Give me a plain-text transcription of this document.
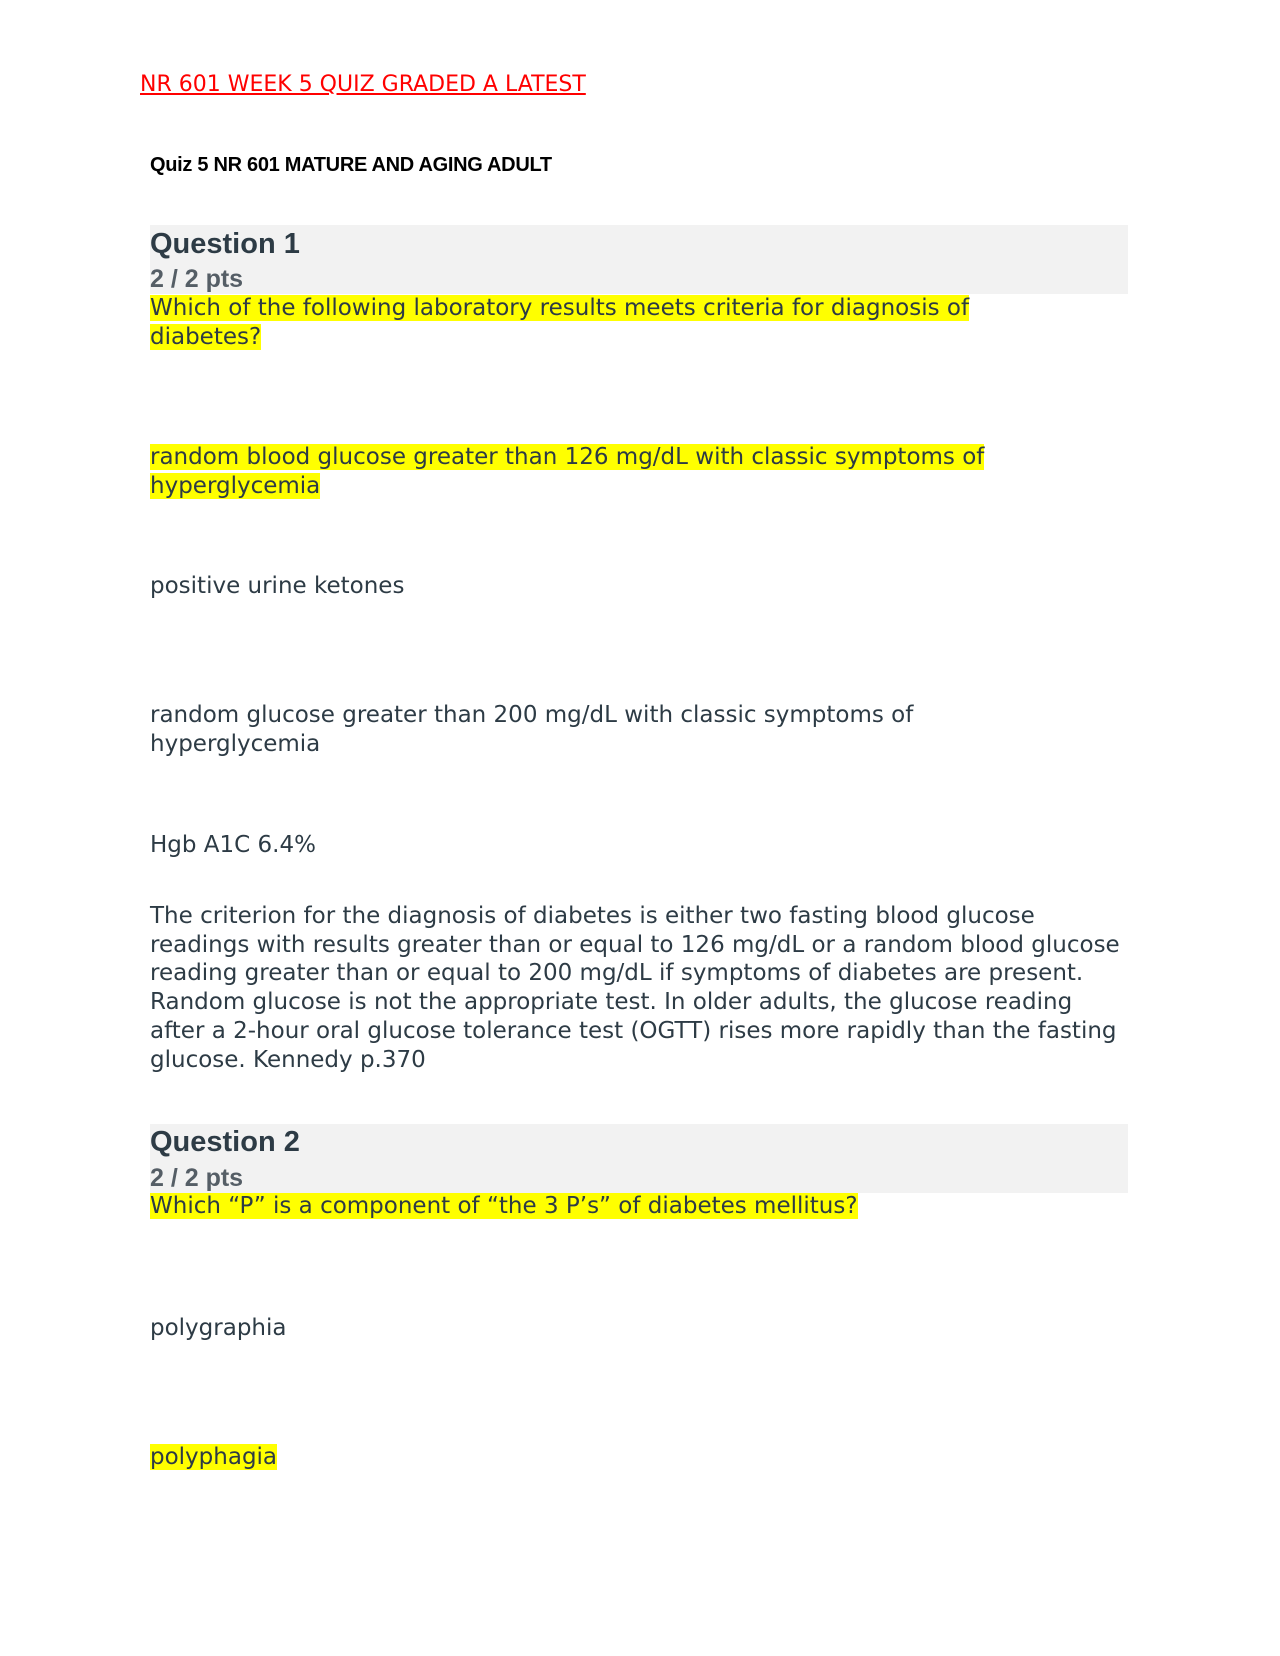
NR 601 WEEK 5 QUIZ GRADED A LATEST
Quiz 5 NR 601 MATURE AND AGING ADULT
Question 1
2 / 2 pts
Which of the following laboratory results meets criteria for diagnosis of diabetes?
random blood glucose greater than 126 mg/dL with classic symptoms of hyperglycemia
positive urine ketones
random glucose greater than 200 mg/dL with classic symptoms of hyperglycemia
Hgb A1C 6.4%
The criterion for the diagnosis of diabetes is either two fasting blood glucose readings with results greater than or equal to 126 mg/dL or a random blood glucose reading greater than or equal to 200 mg/dL if symptoms of diabetes are present. Random glucose is not the appropriate test. In older adults, the glucose reading after a 2-hour oral glucose tolerance test (OGTT) rises more rapidly than the fasting glucose. Kennedy p.370
Question 2
2 / 2 pts
Which “P” is a component of “the 3 P’s” of diabetes mellitus?
polygraphia
polyphagia
